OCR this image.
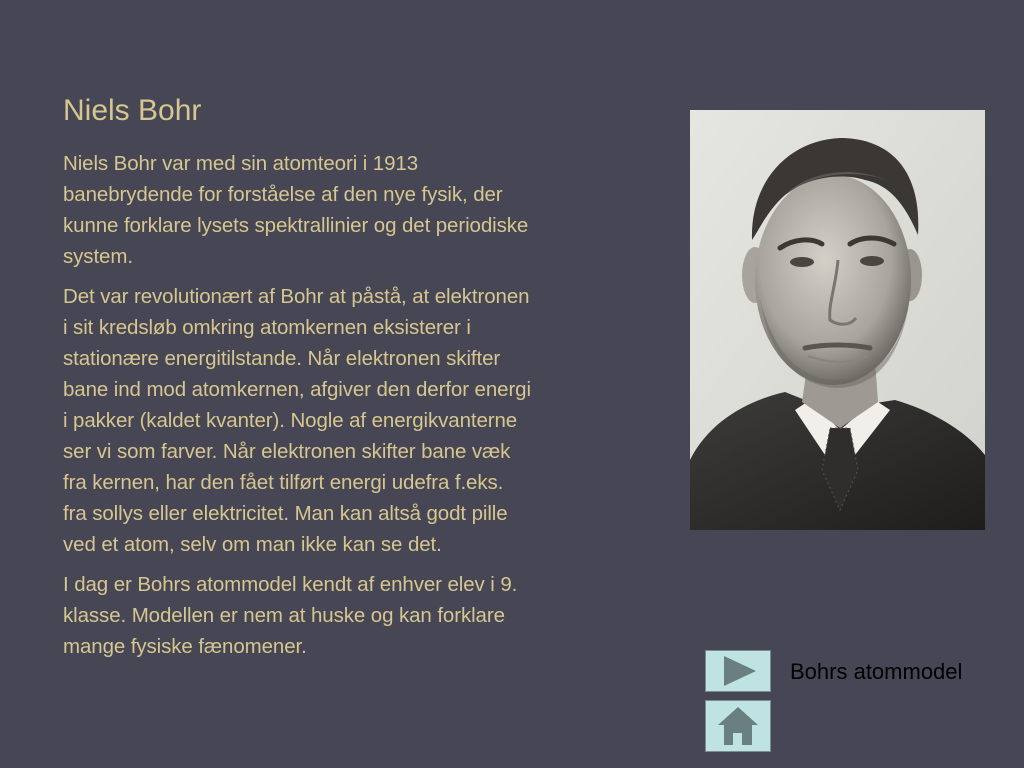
Niels Bohr

Niels Bohr var med sin atomteori i 1913
banebrydende for forståelse af den nye fysik, der
kunne forklare lysets spektrallinier og det periodiske
system.

Det var revolutionært af Bohr at påstå, at elektronen
i sit kredsløb omkring atomkernen eksisterer i
stationære energitilstande. Når elektronen skifter
bane ind mod atomkernen, afgiver den derfor energi
i pakker (kaldet kvanter). Nogle af energikvanterne
ser vi som farver. Når elektronen skifter bane væk
fra kernen, har den fået tilført energi udefra f.eks.
fra sollys eller elektricitet. Man kan altså godt pille
ved et atom, selv om man ikke kan se det.

I dag er Bohrs atommodel kendt af enhver elev i 9.
klasse. Modellen er nem at huske og kan forklare
mange fysiske fænomener.

Bohrs atommodel
